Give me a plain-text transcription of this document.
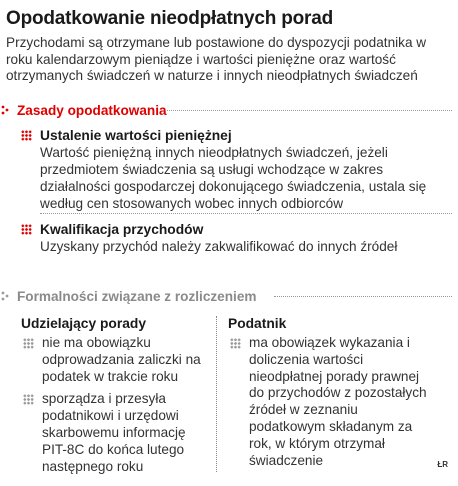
Opodatkowanie nieodpłatnych porad
Przychodami są otrzymane lub postawione do dyspozycji podatnika w roku kalendarzowym pieniądze i wartości pieniężne oraz wartość otrzymanych świadczeń w naturze i innych nieodpłatnych świadczeń
Zasady opodatkowania
Ustalenie wartości pieniężnej
Wartość pieniężną innych nieodpłatnych świadczeń, jeżeli przedmiotem świadczenia są usługi wchodzące w zakres działalności gospodarczej dokonującego świadczenia, ustala się według cen stosowanych wobec innych odbiorców
Kwalifikacja przychodów
Uzyskany przychód należy zakwalifikować do innych źródeł
Formalności związane z rozliczeniem
Udzielający porady
nie ma obowiązku odprowadzania zaliczki na podatek w trakcie roku
sporządza i przesyła podatnikowi i urzędowi skarbowemu informację PIT-8C do końca lutego następnego roku
Podatnik
ma obowiązek wykazania i doliczenia wartości nieodpłatnej porady prawnej do przychodów z pozostałych źródeł w zeznaniu podatkowym składanym za rok, w którym otrzymał świadczenie	ŁR
